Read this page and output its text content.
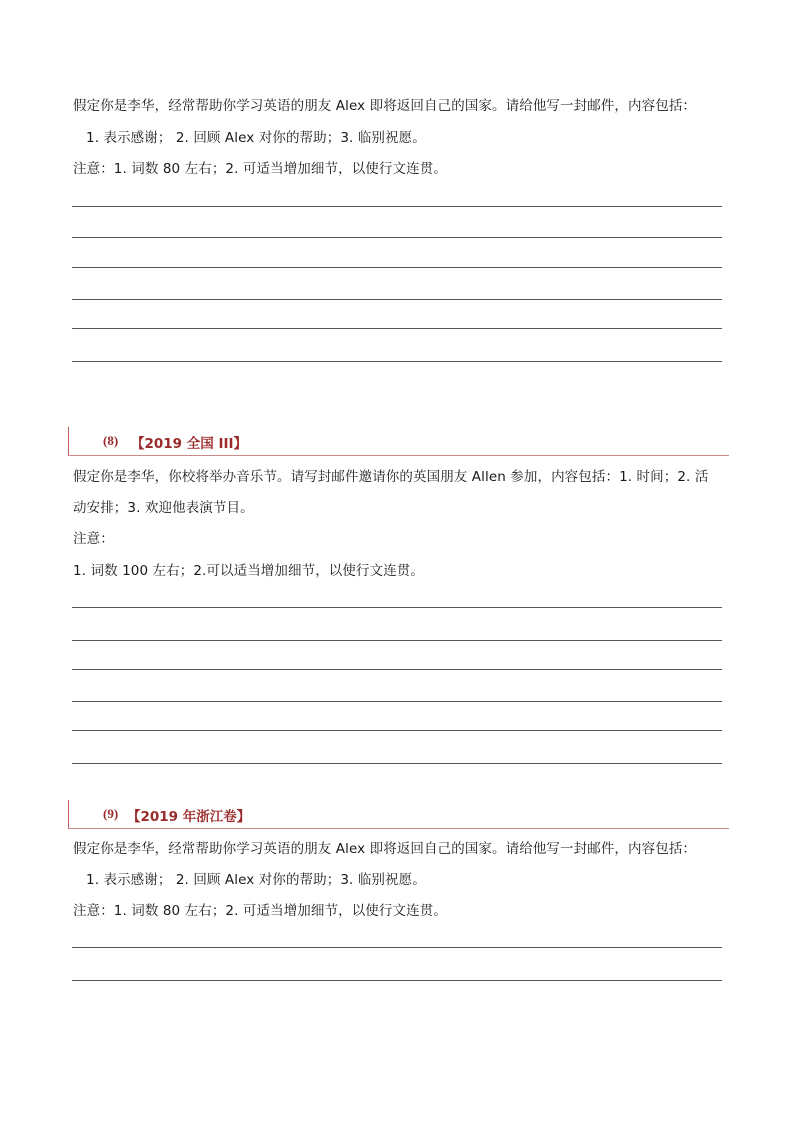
假定你是李华，经常帮助你学习英语的朋友 Alex 即将返回自己的国家。请给他写一封邮件，内容包括：
1. 表示感谢； 2. 回顾 Alex 对你的帮助；3. 临别祝愿。
注意：1. 词数 80 左右；2. 可适当增加细节，以使行文连贯。
(8) 【2019 全国 III】
假定你是李华，你校将举办音乐节。请写封邮件邀请你的英国朋友 Allen 参加，内容包括：1. 时间；2. 活
动安排；3. 欢迎他表演节目。
注意：
1. 词数 100 左右；2.可以适当增加细节，以使行文连贯。
(9) 【2019 年浙江卷】
假定你是李华，经常帮助你学习英语的朋友 Alex 即将返回自己的国家。请给他写一封邮件，内容包括：
1. 表示感谢； 2. 回顾 Alex 对你的帮助；3. 临别祝愿。
注意：1. 词数 80 左右；2. 可适当增加细节，以使行文连贯。
